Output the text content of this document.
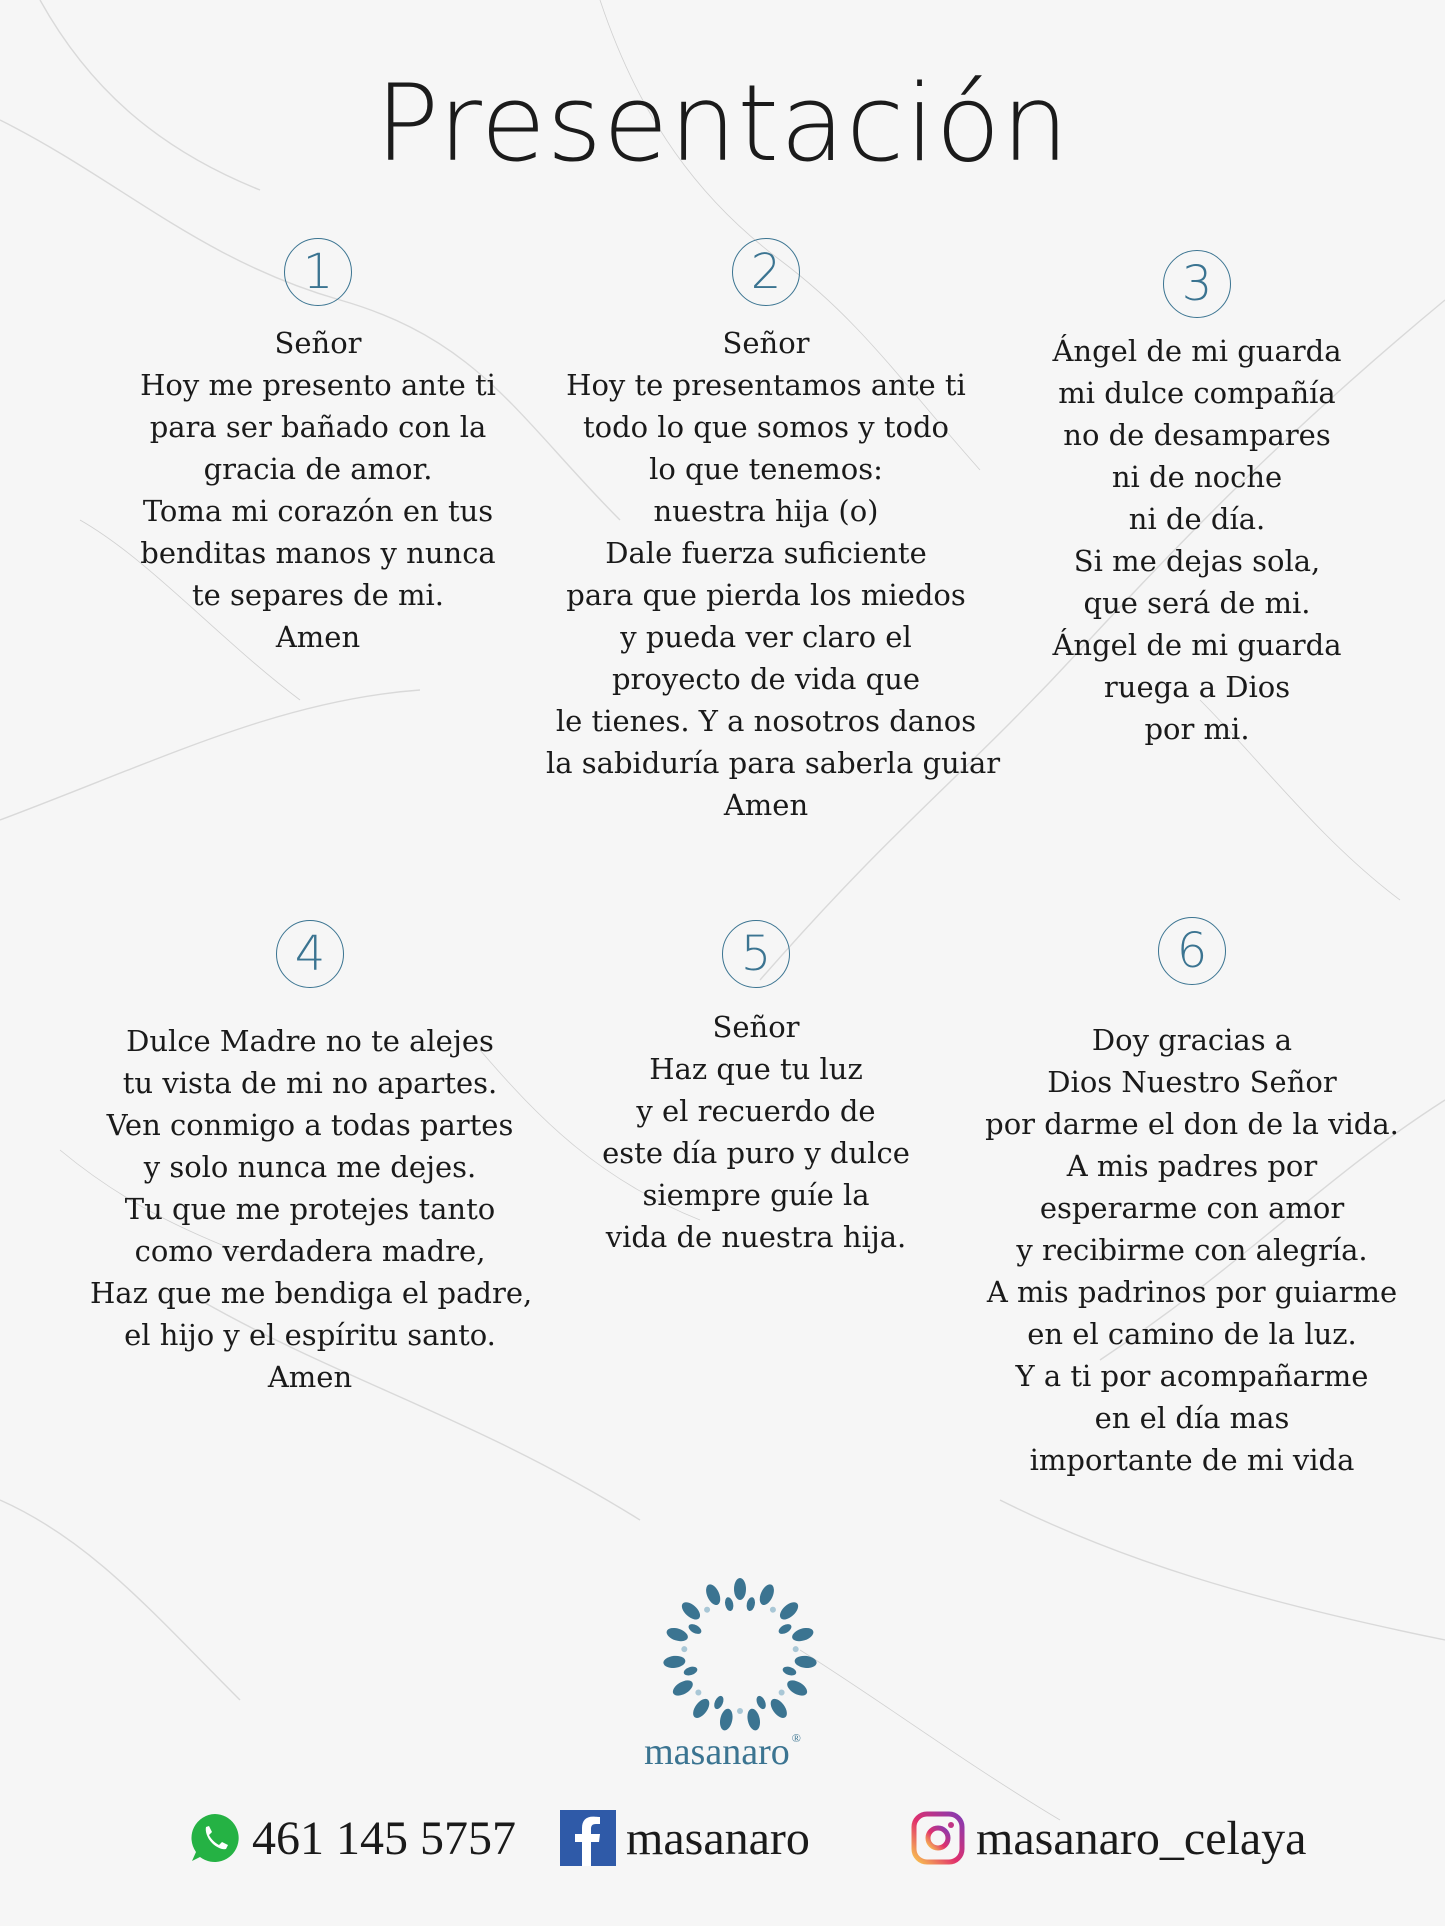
Presentación
1
Señor
Hoy me presento ante ti
para ser bañado con la
gracia de amor.
Toma mi corazón en tus
benditas manos y nunca
te separes de mi.
Amen
2
Señor
Hoy te presentamos ante ti
todo lo que somos y todo
lo que tenemos:
nuestra hija (o)
Dale fuerza suficiente
para que pierda los miedos
y pueda ver claro el
proyecto de vida que
le tienes. Y a nosotros danos
la sabiduría para saberla guiar
Amen
3
Ángel de mi guarda
mi dulce compañía
no de desampares
ni de noche
ni de día.
Si me dejas sola,
que será de mi.
Ángel de mi guarda
ruega a Dios
por mi.
4
Dulce Madre no te alejes
tu vista de mi no apartes.
Ven conmigo a todas partes
y solo nunca me dejes.
Tu que me protejes tanto
como verdadera madre,
Haz que me bendiga el padre,
el hijo y el espíritu santo.
Amen
5
Señor
Haz que tu luz
y el recuerdo de
este día puro y dulce
siempre guíe la
vida de nuestra hija.
6
Doy gracias a
Dios Nuestro Señor
por darme el don de la vida.
A mis padres por
esperarme con amor
y recibirme con alegría.
A mis padrinos por guiarme
en el camino de la luz.
Y a ti por acompañarme
en el día mas
importante de mi vida
masanaro ®
461 145 5757 masanaro	masanaro_celaya
